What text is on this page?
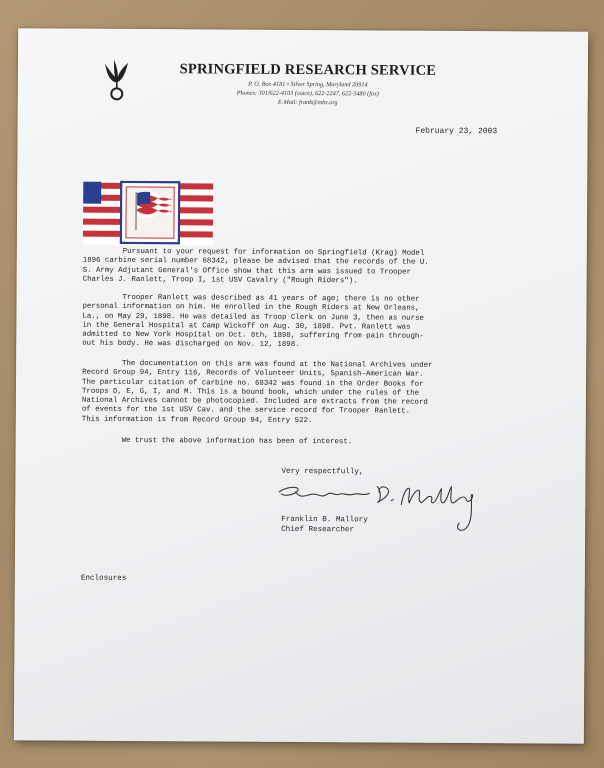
SPRINGFIELD RESEARCH SERVICE
P. O. Box 4181 • Silver Spring, Maryland 20914
Phones: 301/622-4103 (voice), 622-2247, 622-3480 (fax)
E-Mail: frank@mbz.org
February 23, 2003

Pursuant to your request for information on Springfield (Krag) Model
1896 carbine serial number 68342, please be advised that the records of the U.
S. Army Adjutant General's Office show that this arm was issued to Trooper
Charles J. Ranlett, Troop I, 1st USV Cavalry ("Rough Riders").

Trooper Ranlett was described as 41 years of age; there is no other
personal information on him. He enrolled in the Rough Riders at New Orleans,
La., on May 29, 1898. He was detailed as Troop Clerk on June 3, then as nurse
in the General Hospital at Camp Wickoff on Aug. 30, 1898. Pvt. Ranlett was
admitted to New York Hospital on Oct. 8th, 1898, suffering from pain through-
out his body. He was discharged on Nov. 12, 1898.

The documentation on this arm was found at the National Archives under
Record Group 94, Entry 116, Records of Volunteer Units, Spanish-American War.
The particular citation of carbine no. 68342 was found in the Order Books for
Troops D, E, G, I, and M. This is a bound book, which under the rules of the
National Archives cannot be photocopied. Included are extracts from the record
of events for the 1st USV Cav. and the service record for Trooper Ranlett.
This information is from Record Group 94, Entry 522.

We trust the above information has been of interest.

Very respectfully,
Franklin B. Mallory
Chief Researcher
Enclosures
